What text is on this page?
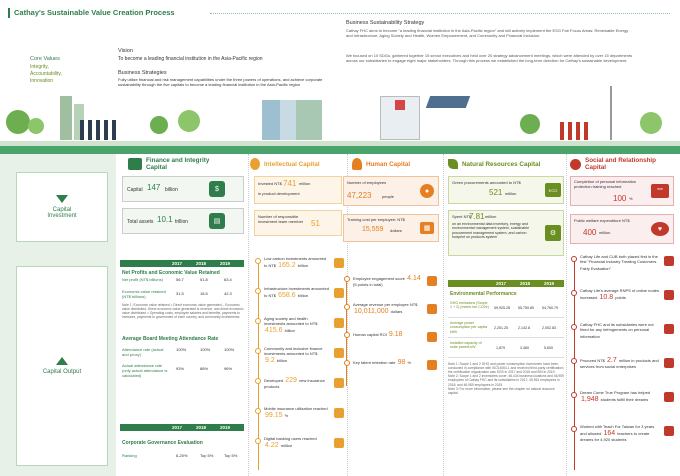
Cathay's Sustainable Value Creation Process
Core Values
Integrity,
Accountability,
Innovation
Vision
To become a leading financial institution in the Asia-Pacific region
Business Strategies
Fully utilize financial and risk management capabilities under the three powers of operations, and achieve corporate sustainability through the five capitals to become a leading financial institution in the Asia-Pacific region
Business Sustainability Strategy
Cathay FHC aims to become "a leading financial institution in the Asia-Pacific region" and will actively implement the ESG Fair Focus Areas: Renewable Energy and Infrastructure, Aging Society and Health, Women Empowerment, and Community and Financial Inclusion.
We focused on 10 SDGs, gathered together 15 senior executives and held over 20 strategy advancement meetings, which were attended by over 15 departments across our subsidiaries to engage eight major stakeholders. Through this process we established the long-term direction for Cathay's sustainable development.
Capital Investment
Capital Output
Finance and Integrity Capital	Intellectual Capital	Human Capital	Natural Resources Capital	Social and Relationship Capital
Capital 147 billion	$
Total assets 10.1 trillion	▤
2017	2018	2019
Net Profits and Economic Value Retained
Net profit (NT$ billions)	56.7	51.8	63.4
Economic value retained (NT$ billions)
31.5	18.5	42.3
Note 1: Economic value retained = Direct economic value generated – Economic value distributed. Direct economic value generated is revenue, and direct economic value distributed = Operating costs, employee salaries and benefits, payments to investors, payments to government of each country, and community investments.
Average Board Meeting Attendance Rate
Attendance rate (actual and proxy)
100%	100%	100%
Actual attendance rate (only actual attendance is calculated)
93%	88%	96%
2017	2018	2019
Corporate Governance Evaluation
Ranking	6-20%	Top 5%	Top 5%
Invested NT$ 741 million
in product development
Number of responsible investment team member 51
Low carbon investments amounted to NT$ 165.2 billion
Infrastructure investments amounted to NT$ 658.6 billion
Aging society and health investments amounted to NT$ 415.6 billion
Community and inclusive finance investments amounted to NT$ 9.2 billion
Developed 229 new insurance products
Mobile insurance utilization reached 99.15 %
Digital banking users reached 4.22 million
Number of employees
47,223	people
●
Training cost per employee: NT$
15,559 dollars	▦
Employee engagement score 4.14 (5 points in total)
Average revenue per employee NT$ 10,011,000 dollars
Human capital ROI 9.18
Key talent retention rate 98 %
Green procurements amounted to NT$
521 million
ECO
Spent NT$
7.81 million
on an environmental data inventory, energy and environmental management system, sustainable procurement management system, and carbon footprint on products system	⚙
2017	2018	2019
Environmental Performance
GHG emissions (Scope 1 + 2) (metric ton CO2e)	59,925.28 55,759.80 54,760.79
Average power consumption per capita kWh
2,251.25	2,142.8	2,052.83
Installed capacity of solar panels kW	1,879	3,460	5,600
Note 1: Scope 1 and 2 GHG and power consumption inventories have been conducted in compliance with ISO14064-1 and received third-party certification; the certification organization was SGS in 2017 and 2018 and BSI in 2019.
Note 2: Scope 1 and 2 inventories cover: 46,434 business locations and 46,959 employees of Cathay FHC and its subsidiaries in 2017; 45,961 employees in 2018; and 46,989 employees in 2019.
Note 3: For more information, please see the chapter on natural resource capital.
Completion of personal information protection training reached
100 %
***
Public welfare expenditure NT$
400 million	♥
Cathay Life and CUB both placed first in the first "Financial Industry Treating Customers Fairly Evaluation"
Cathay Life's average RNPS of online nodes increased 10.8 points
Cathay FHC and its subsidiaries were not fined for any infringements on personal information
Procured NT$ 2.7 million in products and services from social enterprises
Dream Come True Program has helped 1,948 students fulfill their dreams
Worked with Teach For Taiwan for 3 years and allowed 164 teachers to create dreams for 4,920 students
